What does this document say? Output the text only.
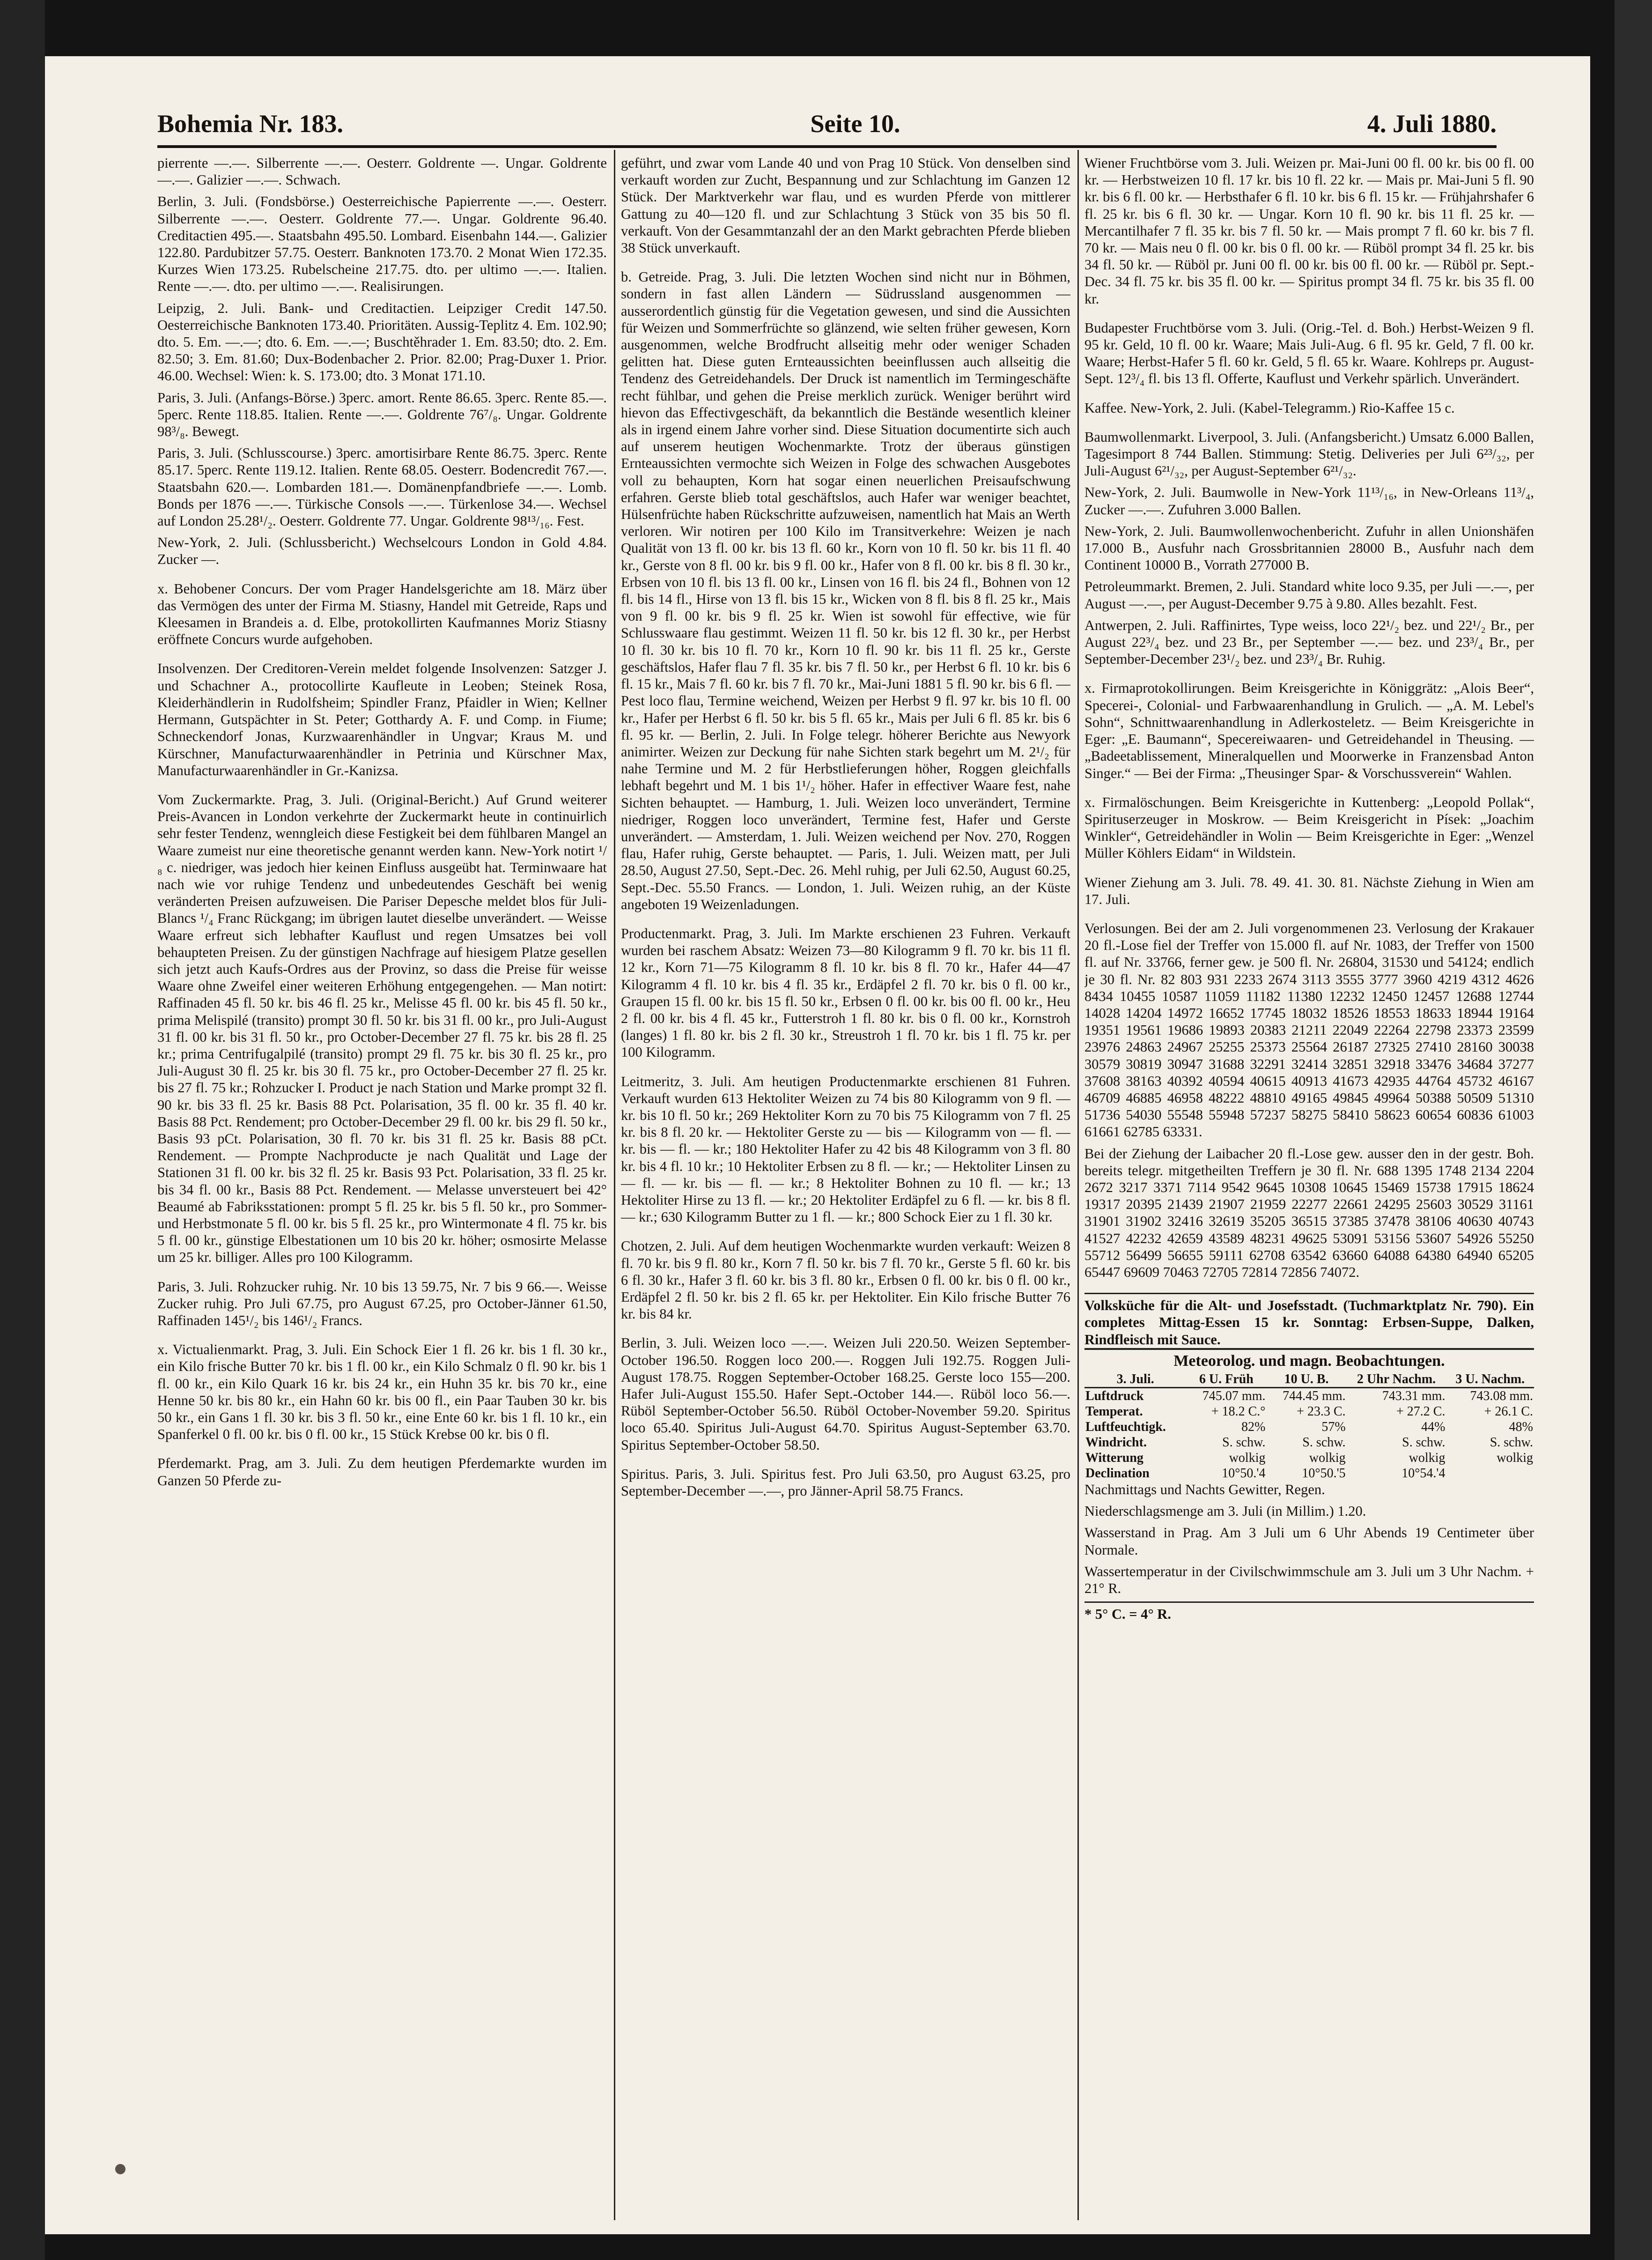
Bohemia Nr. 183.	Seite 10.	4. Juli 1880.

pierrente —.—. Silberrente —.—. Oesterr. Goldrente —. Ungar. Goldrente —.—. Galizier —.—. Schwach.

Berlin, 3. Juli. (Fondsbörse.) Oesterreichische Papierrente —.—. Oesterr. Silberrente —.—. Oesterr. Goldrente 77.—. Ungar. Goldrente 96.40. Creditactien 495.—. Staatsbahn 495.50. Lombard. Eisenbahn 144.—. Galizier 122.80. Pardubitzer 57.75. Oesterr. Banknoten 173.70. 2 Monat Wien 172.35. Kurzes Wien 173.25. Rubelscheine 217.75. dto. per ultimo —.—. Italien. Rente —.—. dto. per ultimo —.—. Realisirungen.

Leipzig, 2. Juli. Bank- und Creditactien. Leipziger Credit 147.50. Oesterreichische Banknoten 173.40. Prioritäten. Aussig-Teplitz 4. Em. 102.90; dto. 5. Em. —.—; dto. 6. Em. —.—; Buschtěhrader 1. Em. 83.50; dto. 2. Em. 82.50; 3. Em. 81.60; Dux-Bodenbacher 2. Prior. 82.00; Prag-Duxer 1. Prior. 46.00. Wechsel: Wien: k. S. 173.00; dto. 3 Monat 171.10.

Paris, 3. Juli. (Anfangs-Börse.) 3perc. amort. Rente 86.65. 3perc. Rente 85.—. 5perc. Rente 118.85. Italien. Rente —.—. Goldrente 76⁷/₈. Ungar. Goldrente 98³/₈. Bewegt.

Paris, 3. Juli. (Schlusscourse.) 3perc. amortisirbare Rente 86.75. 3perc. Rente 85.17. 5perc. Rente 119.12. Italien. Rente 68.05. Oesterr. Bodencredit 767.—. Staatsbahn 620.—. Lombarden 181.—. Domänenpfandbriefe —.—. Lomb. Bonds per 1876 —.—. Türkische Consols —.—. Türkenlose 34.—. Wechsel auf London 25.28¹/₂. Oesterr. Goldrente 77. Ungar. Goldrente 98¹³/₁₆. Fest.

New-York, 2. Juli. (Schlussbericht.) Wechselcours London in Gold 4.84. Zucker —.

x. Behobener Concurs. Der vom Prager Handelsgerichte am 18. März über das Vermögen des unter der Firma M. Stiasny, Handel mit Getreide, Raps und Kleesamen in Brandeis a. d. Elbe, protokollirten Kaufmannes Moriz Stiasny eröffnete Concurs wurde aufgehoben.

Insolvenzen. Der Creditoren-Verein meldet folgende Insolvenzen: Satzger J. und Schachner A., protocollirte Kaufleute in Leoben; Steinek Rosa, Kleiderhändlerin in Rudolfsheim; Spindler Franz, Pfaidler in Wien; Kellner Hermann, Gutspächter in St. Peter; Gotthardy A. F. und Comp. in Fiume; Schneckendorf Jonas, Kurzwaarenhändler in Ungvar; Kraus M. und Kürschner, Manufacturwaarenhändler in Petrinia und Kürschner Max, Manufacturwaarenhändler in Gr.-Kanizsa.

Vom Zuckermarkte. Prag, 3. Juli. (Original-Bericht.) Auf Grund weiterer Preis-Avancen in London verkehrte der Zuckermarkt heute in continuirlich sehr fester Tendenz, wenngleich diese Festigkeit bei dem fühlbaren Mangel an Waare zumeist nur eine theoretische genannt werden kann. New-York notirt ¹/₈ c. niedriger, was jedoch hier keinen Einfluss ausgeübt hat. Terminwaare hat nach wie vor ruhige Tendenz und unbedeutendes Geschäft bei wenig veränderten Preisen aufzuweisen. Die Pariser Depesche meldet blos für Juli-Blancs ¹/₄ Franc Rückgang; im übrigen lautet dieselbe unverändert. — Weisse Waare erfreut sich lebhafter Kauflust und regen Umsatzes bei voll behaupteten Preisen. Zu der günstigen Nachfrage auf hiesigem Platze gesellen sich jetzt auch Kaufs-Ordres aus der Provinz, so dass die Preise für weisse Waare ohne Zweifel einer weiteren Erhöhung entgegengehen. — Man notirt: Raffinaden 45 fl. 50 kr. bis 46 fl. 25 kr., Melisse 45 fl. 00 kr. bis 45 fl. 50 kr., prima Melispilé (transito) prompt 30 fl. 50 kr. bis 31 fl. 00 kr., pro Juli-August 31 fl. 00 kr. bis 31 fl. 50 kr., pro October-December 27 fl. 75 kr. bis 28 fl. 25 kr.; prima Centrifugalpilé (transito) prompt 29 fl. 75 kr. bis 30 fl. 25 kr., pro Juli-August 30 fl. 25 kr. bis 30 fl. 75 kr., pro October-December 27 fl. 25 kr. bis 27 fl. 75 kr.; Rohzucker I. Product je nach Station und Marke prompt 32 fl. 90 kr. bis 33 fl. 25 kr. Basis 88 Pct. Polarisation, 35 fl. 00 kr. 35 fl. 40 kr. Basis 88 Pct. Rendement; pro October-December 29 fl. 00 kr. bis 29 fl. 50 kr., Basis 93 pCt. Polarisation, 30 fl. 70 kr. bis 31 fl. 25 kr. Basis 88 pCt. Rendement. — Prompte Nachproducte je nach Qualität und Lage der Stationen 31 fl. 00 kr. bis 32 fl. 25 kr. Basis 93 Pct. Polarisation, 33 fl. 25 kr. bis 34 fl. 00 kr., Basis 88 Pct. Rendement. — Melasse unversteuert bei 42° Beaumé ab Fabriksstationen: prompt 5 fl. 25 kr. bis 5 fl. 50 kr., pro Sommer- und Herbstmonate 5 fl. 00 kr. bis 5 fl. 25 kr., pro Wintermonate 4 fl. 75 kr. bis 5 fl. 00 kr., günstige Elbestationen um 10 bis 20 kr. höher; osmosirte Melasse um 25 kr. billiger. Alles pro 100 Kilogramm.

Paris, 3. Juli. Rohzucker ruhig. Nr. 10 bis 13 59.75, Nr. 7 bis 9 66.—. Weisse Zucker ruhig. Pro Juli 67.75, pro August 67.25, pro October-Jänner 61.50, Raffinaden 145¹/₂ bis 146¹/₂ Francs.

x. Victualienmarkt. Prag, 3. Juli. Ein Schock Eier 1 fl. 26 kr. bis 1 fl. 30 kr., ein Kilo frische Butter 70 kr. bis 1 fl. 00 kr., ein Kilo Schmalz 0 fl. 90 kr. bis 1 fl. 00 kr., ein Kilo Quark 16 kr. bis 24 kr., ein Huhn 35 kr. bis 70 kr., eine Henne 50 kr. bis 80 kr., ein Hahn 60 kr. bis 00 fl., ein Paar Tauben 30 kr. bis 50 kr., ein Gans 1 fl. 30 kr. bis 3 fl. 50 kr., eine Ente 60 kr. bis 1 fl. 10 kr., ein Spanferkel 0 fl. 00 kr. bis 0 fl. 00 kr., 15 Stück Krebse 00 kr. bis 0 fl.

Pferdemarkt. Prag, am 3. Juli. Zu dem heutigen Pferdemarkte wurden im Ganzen 50 Pferde zu-

geführt, und zwar vom Lande 40 und von Prag 10 Stück. Von denselben sind verkauft worden zur Zucht, Bespannung und zur Schlachtung im Ganzen 12 Stück. Der Marktverkehr war flau, und es wurden Pferde von mittlerer Gattung zu 40—120 fl. und zur Schlachtung 3 Stück von 35 bis 50 fl. verkauft. Von der Gesammtanzahl der an den Markt gebrachten Pferde blieben 38 Stück unverkauft.

b. Getreide. Prag, 3. Juli. Die letzten Wochen sind nicht nur in Böhmen, sondern in fast allen Ländern — Südrussland ausgenommen — ausserordentlich günstig für die Vegetation gewesen, und sind die Aussichten für Weizen und Sommerfrüchte so glänzend, wie selten früher gewesen, Korn ausgenommen, welche Brodfrucht allseitig mehr oder weniger Schaden gelitten hat. Diese guten Ernteaussichten beeinflussen auch allseitig die Tendenz des Getreidehandels. Der Druck ist namentlich im Termingeschäfte recht fühlbar, und gehen die Preise merklich zurück. Weniger berührt wird hievon das Effectivgeschäft, da bekanntlich die Bestände wesentlich kleiner als in irgend einem Jahre vorher sind. Diese Situation documentirte sich auch auf unserem heutigen Wochenmarkte. Trotz der überaus günstigen Ernteaussichten vermochte sich Weizen in Folge des schwachen Ausgebotes voll zu behaupten, Korn hat sogar einen neuerlichen Preisaufschwung erfahren. Gerste blieb total geschäftslos, auch Hafer war weniger beachtet, Hülsenfrüchte haben Rückschritte aufzuweisen, namentlich hat Mais an Werth verloren. Wir notiren per 100 Kilo im Transitverkehre: Weizen je nach Qualität von 13 fl. 00 kr. bis 13 fl. 60 kr., Korn von 10 fl. 50 kr. bis 11 fl. 40 kr., Gerste von 8 fl. 00 kr. bis 9 fl. 00 kr., Hafer von 8 fl. 00 kr. bis 8 fl. 30 kr., Erbsen von 10 fl. bis 13 fl. 00 kr., Linsen von 16 fl. bis 24 fl., Bohnen von 12 fl. bis 14 fl., Hirse von 13 fl. bis 15 kr., Wicken von 8 fl. bis 8 fl. 25 kr., Mais von 9 fl. 00 kr. bis 9 fl. 25 kr. Wien ist sowohl für effective, wie für Schlusswaare flau gestimmt. Weizen 11 fl. 50 kr. bis 12 fl. 30 kr., per Herbst 10 fl. 30 kr. bis 10 fl. 70 kr., Korn 10 fl. 90 kr. bis 11 fl. 25 kr., Gerste geschäftslos, Hafer flau 7 fl. 35 kr. bis 7 fl. 50 kr., per Herbst 6 fl. 10 kr. bis 6 fl. 15 kr., Mais 7 fl. 60 kr. bis 7 fl. 70 kr., Mai-Juni 1881 5 fl. 90 kr. bis 6 fl. — Pest loco flau, Termine weichend, Weizen per Herbst 9 fl. 97 kr. bis 10 fl. 00 kr., Hafer per Herbst 6 fl. 50 kr. bis 5 fl. 65 kr., Mais per Juli 6 fl. 85 kr. bis 6 fl. 95 kr. — Berlin, 2. Juli. In Folge telegr. höherer Berichte aus Newyork animirter. Weizen zur Deckung für nahe Sichten stark begehrt um M. 2¹/₂ für nahe Termine und M. 2 für Herbstlieferungen höher, Roggen gleichfalls lebhaft begehrt und M. 1 bis 1¹/₂ höher. Hafer in effectiver Waare fest, nahe Sichten behauptet. — Hamburg, 1. Juli. Weizen loco unverändert, Termine niedriger, Roggen loco unverändert, Termine fest, Hafer und Gerste unverändert. — Amsterdam, 1. Juli. Weizen weichend per Nov. 270, Roggen flau, Hafer ruhig, Gerste behauptet. — Paris, 1. Juli. Weizen matt, per Juli 28.50, August 27.50, Sept.-Dec. 26. Mehl ruhig, per Juli 62.50, August 60.25, Sept.-Dec. 55.50 Francs. — London, 1. Juli. Weizen ruhig, an der Küste angeboten 19 Weizenladungen.

Productenmarkt. Prag, 3. Juli. Im Markte erschienen 23 Fuhren. Verkauft wurden bei raschem Absatz: Weizen 73—80 Kilogramm 9 fl. 70 kr. bis 11 fl. 12 kr., Korn 71—75 Kilogramm 8 fl. 10 kr. bis 8 fl. 70 kr., Hafer 44—47 Kilogramm 4 fl. 10 kr. bis 4 fl. 35 kr., Erdäpfel 2 fl. 70 kr. bis 0 fl. 00 kr., Graupen 15 fl. 00 kr. bis 15 fl. 50 kr., Erbsen 0 fl. 00 kr. bis 00 fl. 00 kr., Heu 2 fl. 00 kr. bis 4 fl. 45 kr., Futterstroh 1 fl. 80 kr. bis 0 fl. 00 kr., Kornstroh (langes) 1 fl. 80 kr. bis 2 fl. 30 kr., Streustroh 1 fl. 70 kr. bis 1 fl. 75 kr. per 100 Kilogramm.

Leitmeritz, 3. Juli. Am heutigen Productenmarkte erschienen 81 Fuhren. Verkauft wurden 613 Hektoliter Weizen zu 74 bis 80 Kilogramm von 9 fl. — kr. bis 10 fl. 50 kr.; 269 Hektoliter Korn zu 70 bis 75 Kilogramm von 7 fl. 25 kr. bis 8 fl. 20 kr. — Hektoliter Gerste zu — bis — Kilogramm von — fl. — kr. bis — fl. — kr.; 180 Hektoliter Hafer zu 42 bis 48 Kilogramm von 3 fl. 80 kr. bis 4 fl. 10 kr.; 10 Hektoliter Erbsen zu 8 fl. — kr.; — Hektoliter Linsen zu — fl. — kr. bis — fl. — kr.; 8 Hektoliter Bohnen zu 10 fl. — kr.; 13 Hektoliter Hirse zu 13 fl. — kr.; 20 Hektoliter Erdäpfel zu 6 fl. — kr. bis 8 fl. — kr.; 630 Kilogramm Butter zu 1 fl. — kr.; 800 Schock Eier zu 1 fl. 30 kr.

Chotzen, 2. Juli. Auf dem heutigen Wochenmarkte wurden verkauft: Weizen 8 fl. 70 kr. bis 9 fl. 80 kr., Korn 7 fl. 50 kr. bis 7 fl. 70 kr., Gerste 5 fl. 60 kr. bis 6 fl. 30 kr., Hafer 3 fl. 60 kr. bis 3 fl. 80 kr., Erbsen 0 fl. 00 kr. bis 0 fl. 00 kr., Erdäpfel 2 fl. 50 kr. bis 2 fl. 65 kr. per Hektoliter. Ein Kilo frische Butter 76 kr. bis 84 kr.

Berlin, 3. Juli. Weizen loco —.—. Weizen Juli 220.50. Weizen September-October 196.50. Roggen loco 200.—. Roggen Juli 192.75. Roggen Juli-August 178.75. Roggen September-October 168.25. Gerste loco 155—200. Hafer Juli-August 155.50. Hafer Sept.-October 144.—. Rüböl loco 56.—. Rüböl September-October 56.50. Rüböl October-November 59.20. Spiritus loco 65.40. Spiritus Juli-August 64.70. Spiritus August-September 63.70. Spiritus September-October 58.50.

Spiritus. Paris, 3. Juli. Spiritus fest. Pro Juli 63.50, pro August 63.25, pro September-December —.—, pro Jänner-April 58.75 Francs.

Wiener Fruchtbörse vom 3. Juli. Weizen pr. Mai-Juni 00 fl. 00 kr. bis 00 fl. 00 kr. — Herbstweizen 10 fl. 17 kr. bis 10 fl. 22 kr. — Mais pr. Mai-Juni 5 fl. 90 kr. bis 6 fl. 00 kr. — Herbsthafer 6 fl. 10 kr. bis 6 fl. 15 kr. — Frühjahrshafer 6 fl. 25 kr. bis 6 fl. 30 kr. — Ungar. Korn 10 fl. 90 kr. bis 11 fl. 25 kr. — Mercantilhafer 7 fl. 35 kr. bis 7 fl. 50 kr. — Mais prompt 7 fl. 60 kr. bis 7 fl. 70 kr. — Mais neu 0 fl. 00 kr. bis 0 fl. 00 kr. — Rüböl prompt 34 fl. 25 kr. bis 34 fl. 50 kr. — Rüböl pr. Juni 00 fl. 00 kr. bis 00 fl. 00 kr. — Rüböl pr. Sept.-Dec. 34 fl. 75 kr. bis 35 fl. 00 kr. — Spiritus prompt 34 fl. 75 kr. bis 35 fl. 00 kr.

Budapester Fruchtbörse vom 3. Juli. (Orig.-Tel. d. Boh.) Herbst-Weizen 9 fl. 95 kr. Geld, 10 fl. 00 kr. Waare; Mais Juli-Aug. 6 fl. 95 kr. Geld, 7 fl. 00 kr. Waare; Herbst-Hafer 5 fl. 60 kr. Geld, 5 fl. 65 kr. Waare. Kohlreps pr. August-Sept. 12³/₄ fl. bis 13 fl. Offerte, Kauflust und Verkehr spärlich. Unverändert.

Kaffee. New-York, 2. Juli. (Kabel-Telegramm.) Rio-Kaffee 15 c.

Baumwollenmarkt. Liverpool, 3. Juli. (Anfangsbericht.) Umsatz 6.000 Ballen, Tagesimport 8 744 Ballen. Stimmung: Stetig. Deliveries per Juli 6²³/₃₂, per Juli-August 6²¹/₃₂, per August-September 6²¹/₃₂.

New-York, 2. Juli. Baumwolle in New-York 11¹³/₁₆, in New-Orleans 11³/₄, Zucker —.—. Zufuhren 3.000 Ballen.

New-York, 2. Juli. Baumwollenwochenbericht. Zufuhr in allen Unionshäfen 17.000 B., Ausfuhr nach Grossbritannien 28000 B., Ausfuhr nach dem Continent 10000 B., Vorrath 277000 B.

Petroleummarkt. Bremen, 2. Juli. Standard white loco 9.35, per Juli —.—, per August —.—, per August-December 9.75 à 9.80. Alles bezahlt. Fest.

Antwerpen, 2. Juli. Raffinirtes, Type weiss, loco 22¹/₂ bez. und 22¹/₂ Br., per August 22³/₄ bez. und 23 Br., per September —.— bez. und 23³/₄ Br., per September-December 23¹/₂ bez. und 23³/₄ Br. Ruhig.

x. Firmaprotokollirungen. Beim Kreisgerichte in Königgrätz: „Alois Beer“, Specerei-, Colonial- und Farbwaarenhandlung in Grulich. — „A. M. Lebel's Sohn“, Schnittwaarenhandlung in Adlerkosteletz. — Beim Kreisgerichte in Eger: „E. Baumann“, Specereiwaaren- und Getreidehandel in Theusing. — „Badeetablissement, Mineralquellen und Moorwerke in Franzensbad Anton Singer.“ — Bei der Firma: „Theusinger Spar- & Vorschussverein“ Wahlen.

x. Firmalöschungen. Beim Kreisgerichte in Kuttenberg: „Leopold Pollak“, Spirituserzeuger in Moskrow. — Beim Kreisgericht in Písek: „Joachim Winkler“, Getreidehändler in Wolin — Beim Kreisgerichte in Eger: „Wenzel Müller Köhlers Eidam“ in Wildstein.

Wiener Ziehung am 3. Juli. 78. 49. 41. 30. 81. Nächste Ziehung in Wien am 17. Juli.

Verlosungen. Bei der am 2. Juli vorgenommenen 23. Verlosung der Krakauer 20 fl.-Lose fiel der Treffer von 15.000 fl. auf Nr. 1083, der Treffer von 1500 fl. auf Nr. 33766, ferner gew. je 500 fl. Nr. 26804, 31530 und 54124; endlich je 30 fl. Nr. 82 803 931 2233 2674 3113 3555 3777 3960 4219 4312 4626 8434 10455 10587 11059 11182 11380 12232 12450 12457 12688 12744 14028 14204 14972 16652 17745 18032 18526 18553 18633 18944 19164 19351 19561 19686 19893 20383 21211 22049 22264 22798 23373 23599 23976 24863 24967 25255 25373 25564 26187 27325 27410 28160 30038 30579 30819 30947 31688 32291 32414 32851 32918 33476 34684 37277 37608 38163 40392 40594 40615 40913 41673 42935 44764 45732 46167 46709 46885 46958 48222 48810 49165 49845 49964 50388 50509 51310 51736 54030 55548 55948 57237 58275 58410 58623 60654 60836 61003 61661 62785 63331.

Bei der Ziehung der Laibacher 20 fl.-Lose gew. ausser den in der gestr. Boh. bereits telegr. mitgetheilten Treffern je 30 fl. Nr. 688 1395 1748 2134 2204 2672 3217 3371 7114 9542 9645 10308 10645 15469 15738 17915 18624 19317 20395 21439 21907 21959 22277 22661 24295 25603 30529 31161 31901 31902 32416 32619 35205 36515 37385 37478 38106 40630 40743 41527 42232 42659 43589 48231 49625 53091 53156 53607 54926 55250 55712 56499 56655 59111 62708 63542 63660 64088 64380 64940 65205 65447 69609 70463 72705 72814 72856 74072.

Volksküche für die Alt- und Josefsstadt. (Tuchmarktplatz Nr. 790). Ein completes Mittag-Essen 15 kr. Sonntag: Erbsen-Suppe, Dalken, Rindfleisch mit Sauce.
Meteorolog. und magn. Beobachtungen.
3. Juli.	6 U. Früh	10 U. B.	2 Uhr Nachm.	3 U. Nachm.
Luftdruck	745.07 mm.	744.45 mm.	743.31 mm.	743.08 mm.
Temperat.	+ 18.2 C.°	+ 23.3 C.	+ 27.2 C.	+ 26.1 C.
Luftfeuchtigk.	82%	57%	44%	48%
Windricht.	S. schw.	S. schw.	S. schw.	S. schw.
Witterung	wolkig	wolkig	wolkig	wolkig
Declination	10°50.'4	10°50.'5	10°54.'4	
Nachmittags und Nachts Gewitter, Regen.
Niederschlagsmenge am 3. Juli (in Millim.) 1.20.
Wasserstand in Prag. Am 3 Juli um 6 Uhr Abends 19 Centimeter über Normale.
Wassertemperatur in der Civilschwimmschule am 3. Juli um 3 Uhr Nachm. + 21° R.
* 5° C. = 4° R.
